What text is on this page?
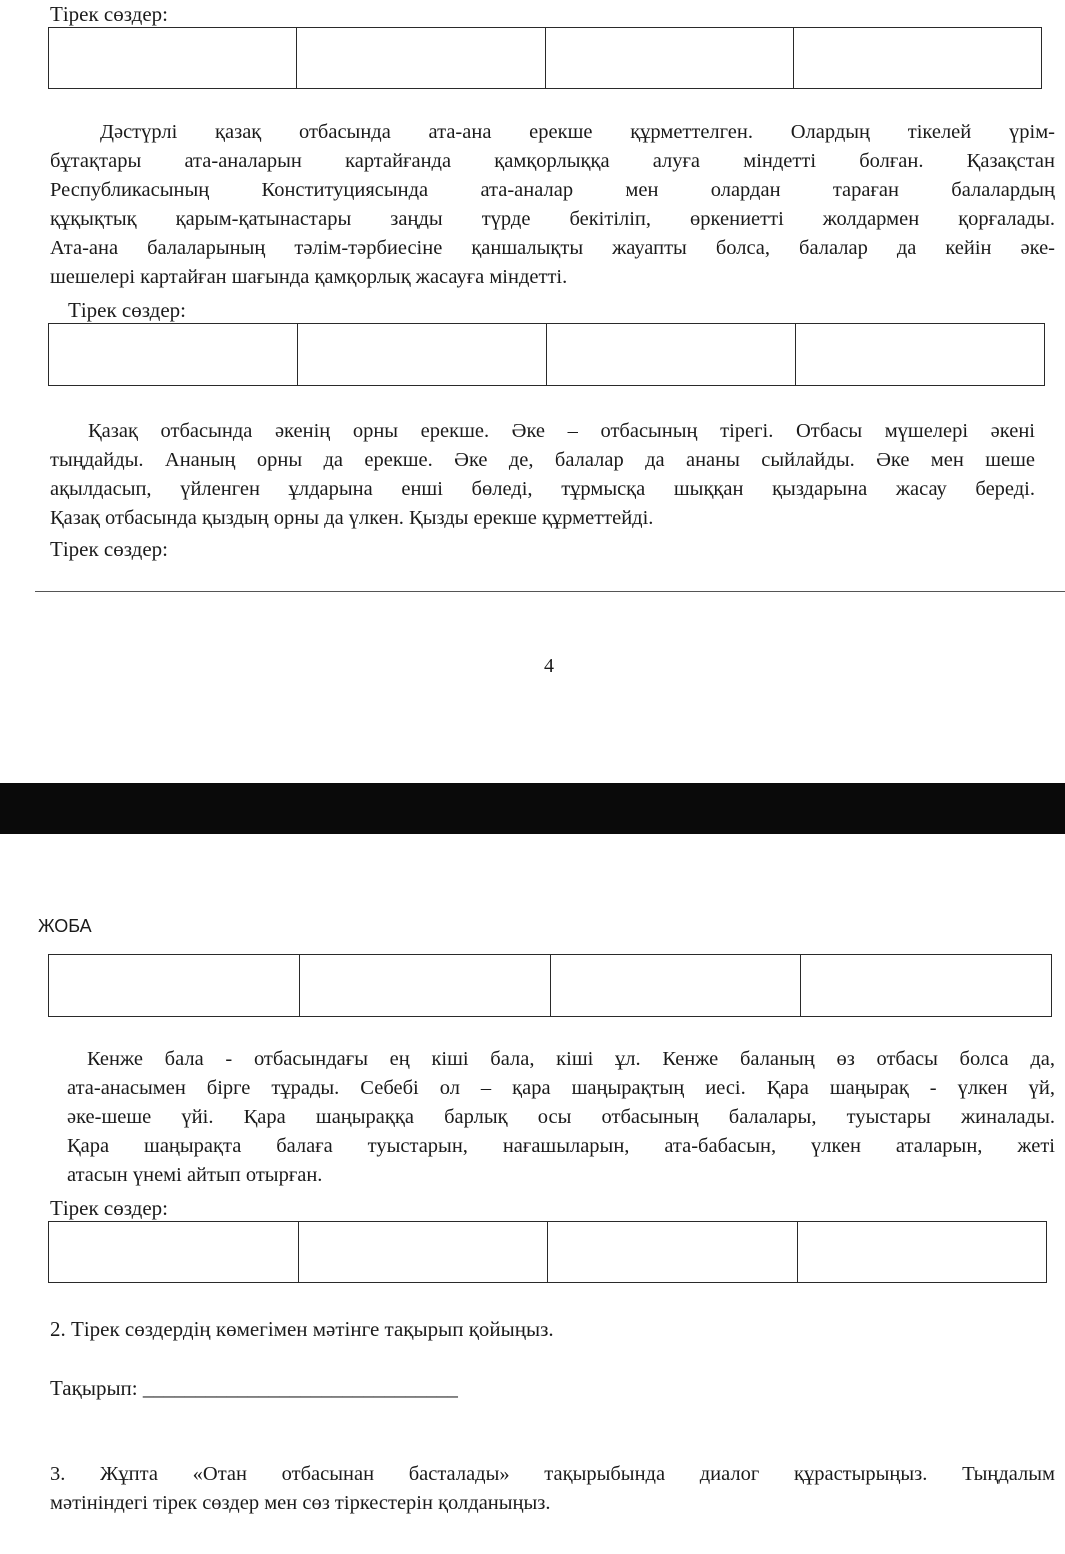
Тірек сөздер:
Дәстүрлі қазақ отбасында ата-ана ерекше құрметтелген. Олардың тікелей үрім-
бұтақтары ата-аналарын картайғанда қамқорлыққа алуға міндетті болған. Қазақстан
Республикасының Конституциясында ата-аналар мен олардан тараған балалардың
құқықтық қарым-қатынастары заңды түрде бекітіліп, өркениетті жолдармен қорғалады.
Ата-ана балаларының тәлім-тәрбиесіне қаншалықты жауапты болса, балалар да кейін әке-
шешелері картайған шағында қамқорлық жасауға міндетті.
Тірек сөздер:
Қазақ отбасында әкенің орны ерекше. Әке – отбасының тірегі. Отбасы мүшелері әкені
тыңдайды. Ананың орны да ерекше. Әке де, балалар да ананы сыйлайды. Әке мен шеше
ақылдасып, үйленген ұлдарына енші бөледі, тұрмысқа шыққан қыздарына жасау береді.
Қазақ отбасында қыздың орны да үлкен. Қызды ерекше құрметтейді.
Тірек сөздер:
4
ЖОБА
Кенже бала - отбасындағы ең кіші бала, кіші ұл. Кенже баланың өз отбасы болса да,
ата-анасымен бірге тұрады. Себебі ол – қара шаңырақтың иесі. Қара шаңырақ - үлкен үй,
әке-шеше үйі. Қара шаңыраққа барлық осы отбасының балалары, туыстары жиналады.
Қара шаңырақта балаға туыстарын, нағашыларын, ата-бабасын, үлкен аталарын, жеті
атасын үнемі айтып отырған.
Тірек сөздер:
2. Тірек сөздердің көмегімен мәтінге тақырып қойыңыз.
Тақырып: ______________________________
3. Жұпта «Отан отбасынан басталады» тақырыбында диалог құрастырыңыз. Тыңдалым
мәтініндегі тірек сөздер мен сөз тіркестерін қолданыңыз.
